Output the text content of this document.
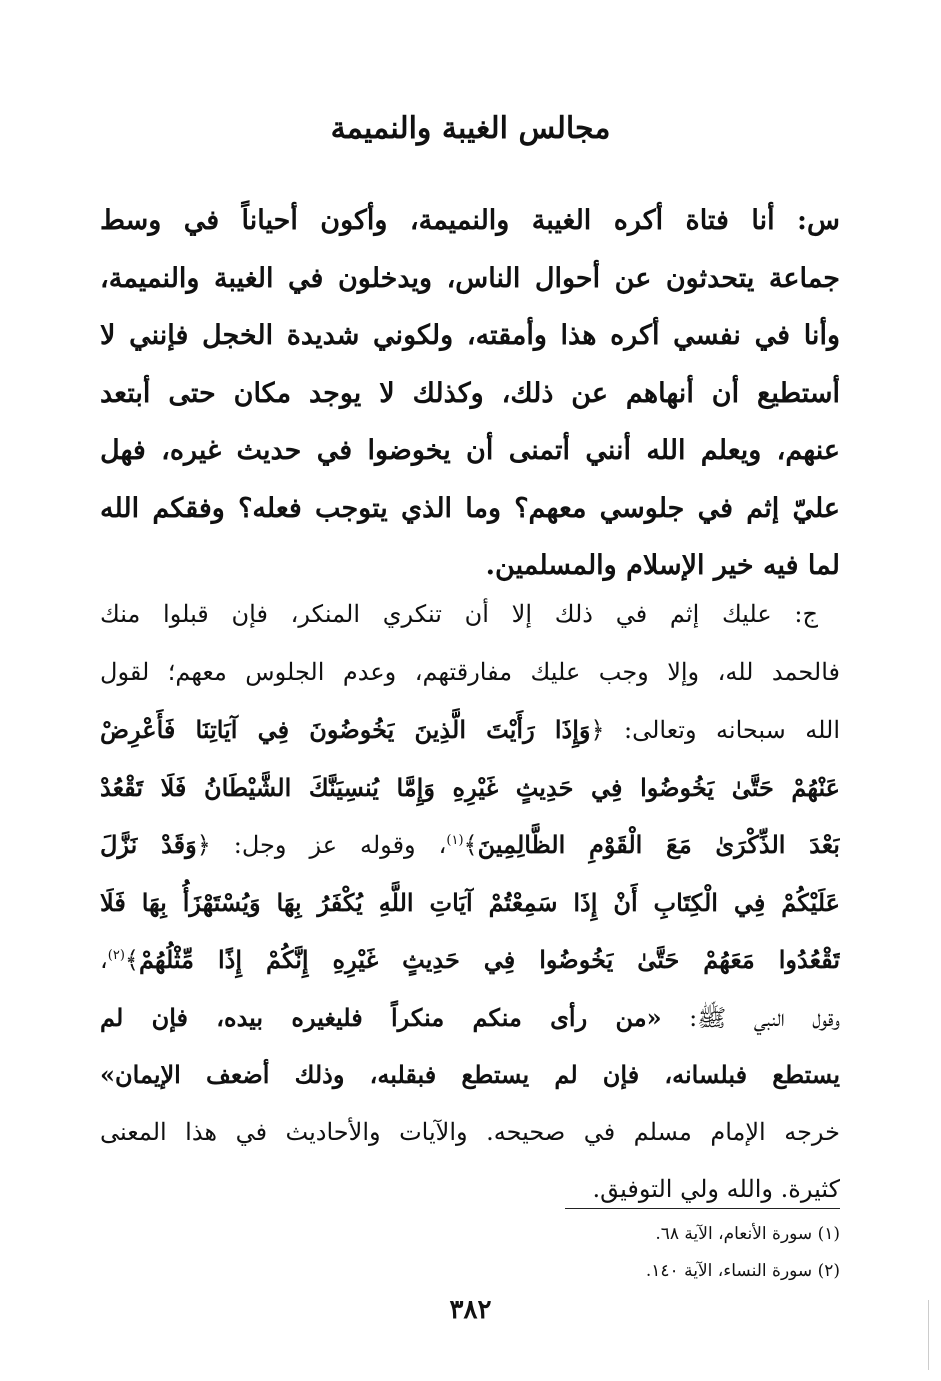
مجالس الغيبة والنميمة
س: أنا فتاة أكره الغيبة والنميمة، وأكون أحياناً في وسط
جماعة يتحدثون عن أحوال الناس، ويدخلون في الغيبة والنميمة،
وأنا في نفسي أكره هذا وأمقته، ولكوني شديدة الخجل فإنني لا
أستطيع أن أنهاهم عن ذلك، وكذلك لا يوجد مكان حتى أبتعد
عنهم، ويعلم الله أنني أتمنى أن يخوضوا في حديث غيره، فهل
عليّ إثم في جلوسي معهم؟ وما الذي يتوجب فعله؟ وفقكم الله
لما فيه خير الإسلام والمسلمين.
ج: عليك إثم في ذلك إلا أن تنكري المنكر، فإن قبلوا منك
فالحمد لله، وإلا وجب عليك مفارقتهم، وعدم الجلوس معهم؛ لقول
الله سبحانه وتعالى: ﴿وَإِذَا رَأَيْتَ الَّذِينَ يَخُوضُونَ فِي آيَاتِنَا فَأَعْرِضْ
عَنْهُمْ حَتَّىٰ يَخُوضُوا فِي حَدِيثٍ غَيْرِهِ وَإِمَّا يُنسِيَنَّكَ الشَّيْطَانُ فَلَا تَقْعُدْ
بَعْدَ الذِّكْرَىٰ مَعَ الْقَوْمِ الظَّالِمِينَ﴾$^{(١)}$، وقوله عز وجل: ﴿وَقَدْ نَزَّلَ
عَلَيْكُمْ فِي الْكِتَابِ أَنْ إِذَا سَمِعْتُمْ آيَاتِ اللَّهِ يُكْفَرُ بِهَا وَيُسْتَهْزَأُ بِهَا فَلَا
تَقْعُدُوا مَعَهُمْ حَتَّىٰ يَخُوضُوا فِي حَدِيثٍ غَيْرِهِ إِنَّكُمْ إِذًا مِّثْلُهُمْ﴾$^{(٢)}$،
وقول النبي ﷺ: «من رأى منكم منكراً فليغيره بيده، فإن لم
يستطع فبلسانه، فإن لم يستطع فبقلبه، وذلك أضعف الإيمان»
خرجه الإمام مسلم في صحيحه. والآيات والأحاديث في هذا المعنى
كثيرة. والله ولي التوفيق.
(١) سورة الأنعام، الآية ٦٨.
(٢) سورة النساء، الآية ١٤٠.
٣٨٢
